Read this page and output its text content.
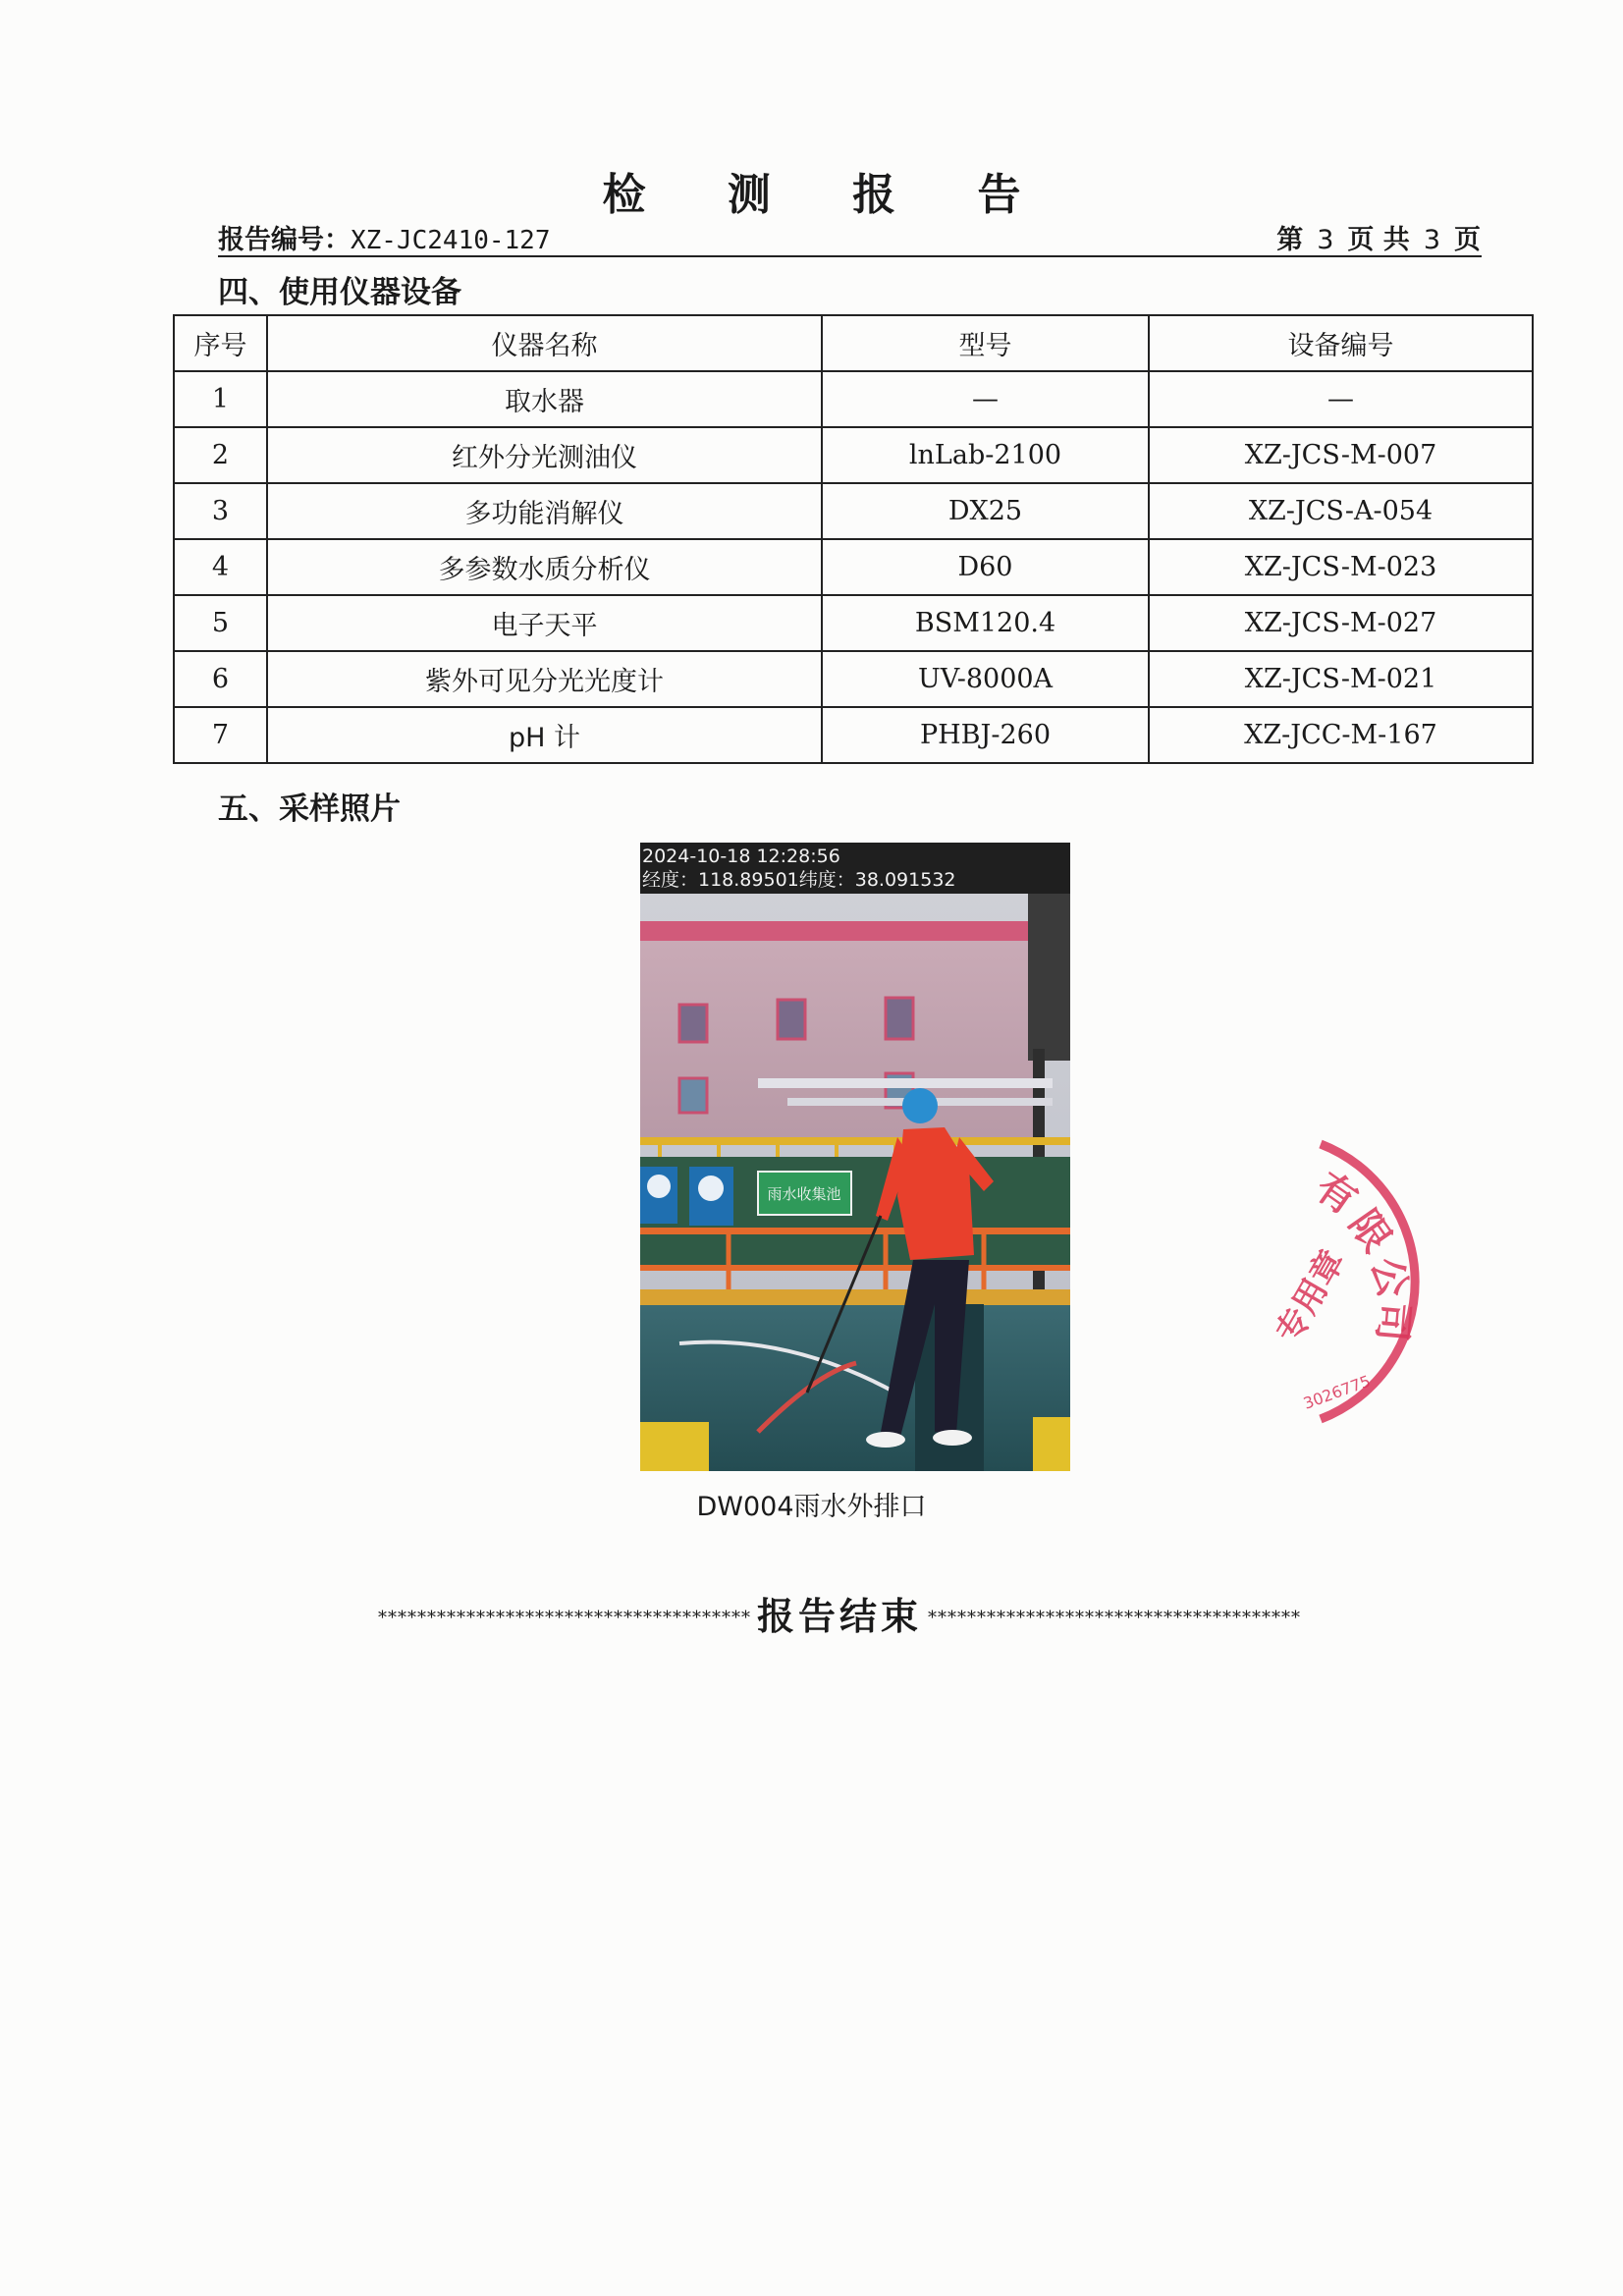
检 测 报 告
报告编号：XZ-JC2410-127	第 3 页 共 3 页
四、使用仪器设备
序号	仪器名称	型号	设备编号
1	取水器	—	—
2	红外分光测油仪	lnLab-2100	XZ-JCS-M-007
3	多功能消解仪	DX25	XZ-JCS-A-054
4	多参数水质分析仪	D60	XZ-JCS-M-023
5	电子天平	BSM120.4	XZ-JCS-M-027
6	紫外可见分光光度计	UV-8000A	XZ-JCS-M-021
7	pH 计	PHBJ-260	XZ-JCC-M-167
五、采样照片
雨水收集池
2024-10-18 12:28:56
经度：118.89501纬度：38.091532
DW004雨水外排口
************************************** 报告结束 **************************************
有
限
公
司
专用章
3026775
